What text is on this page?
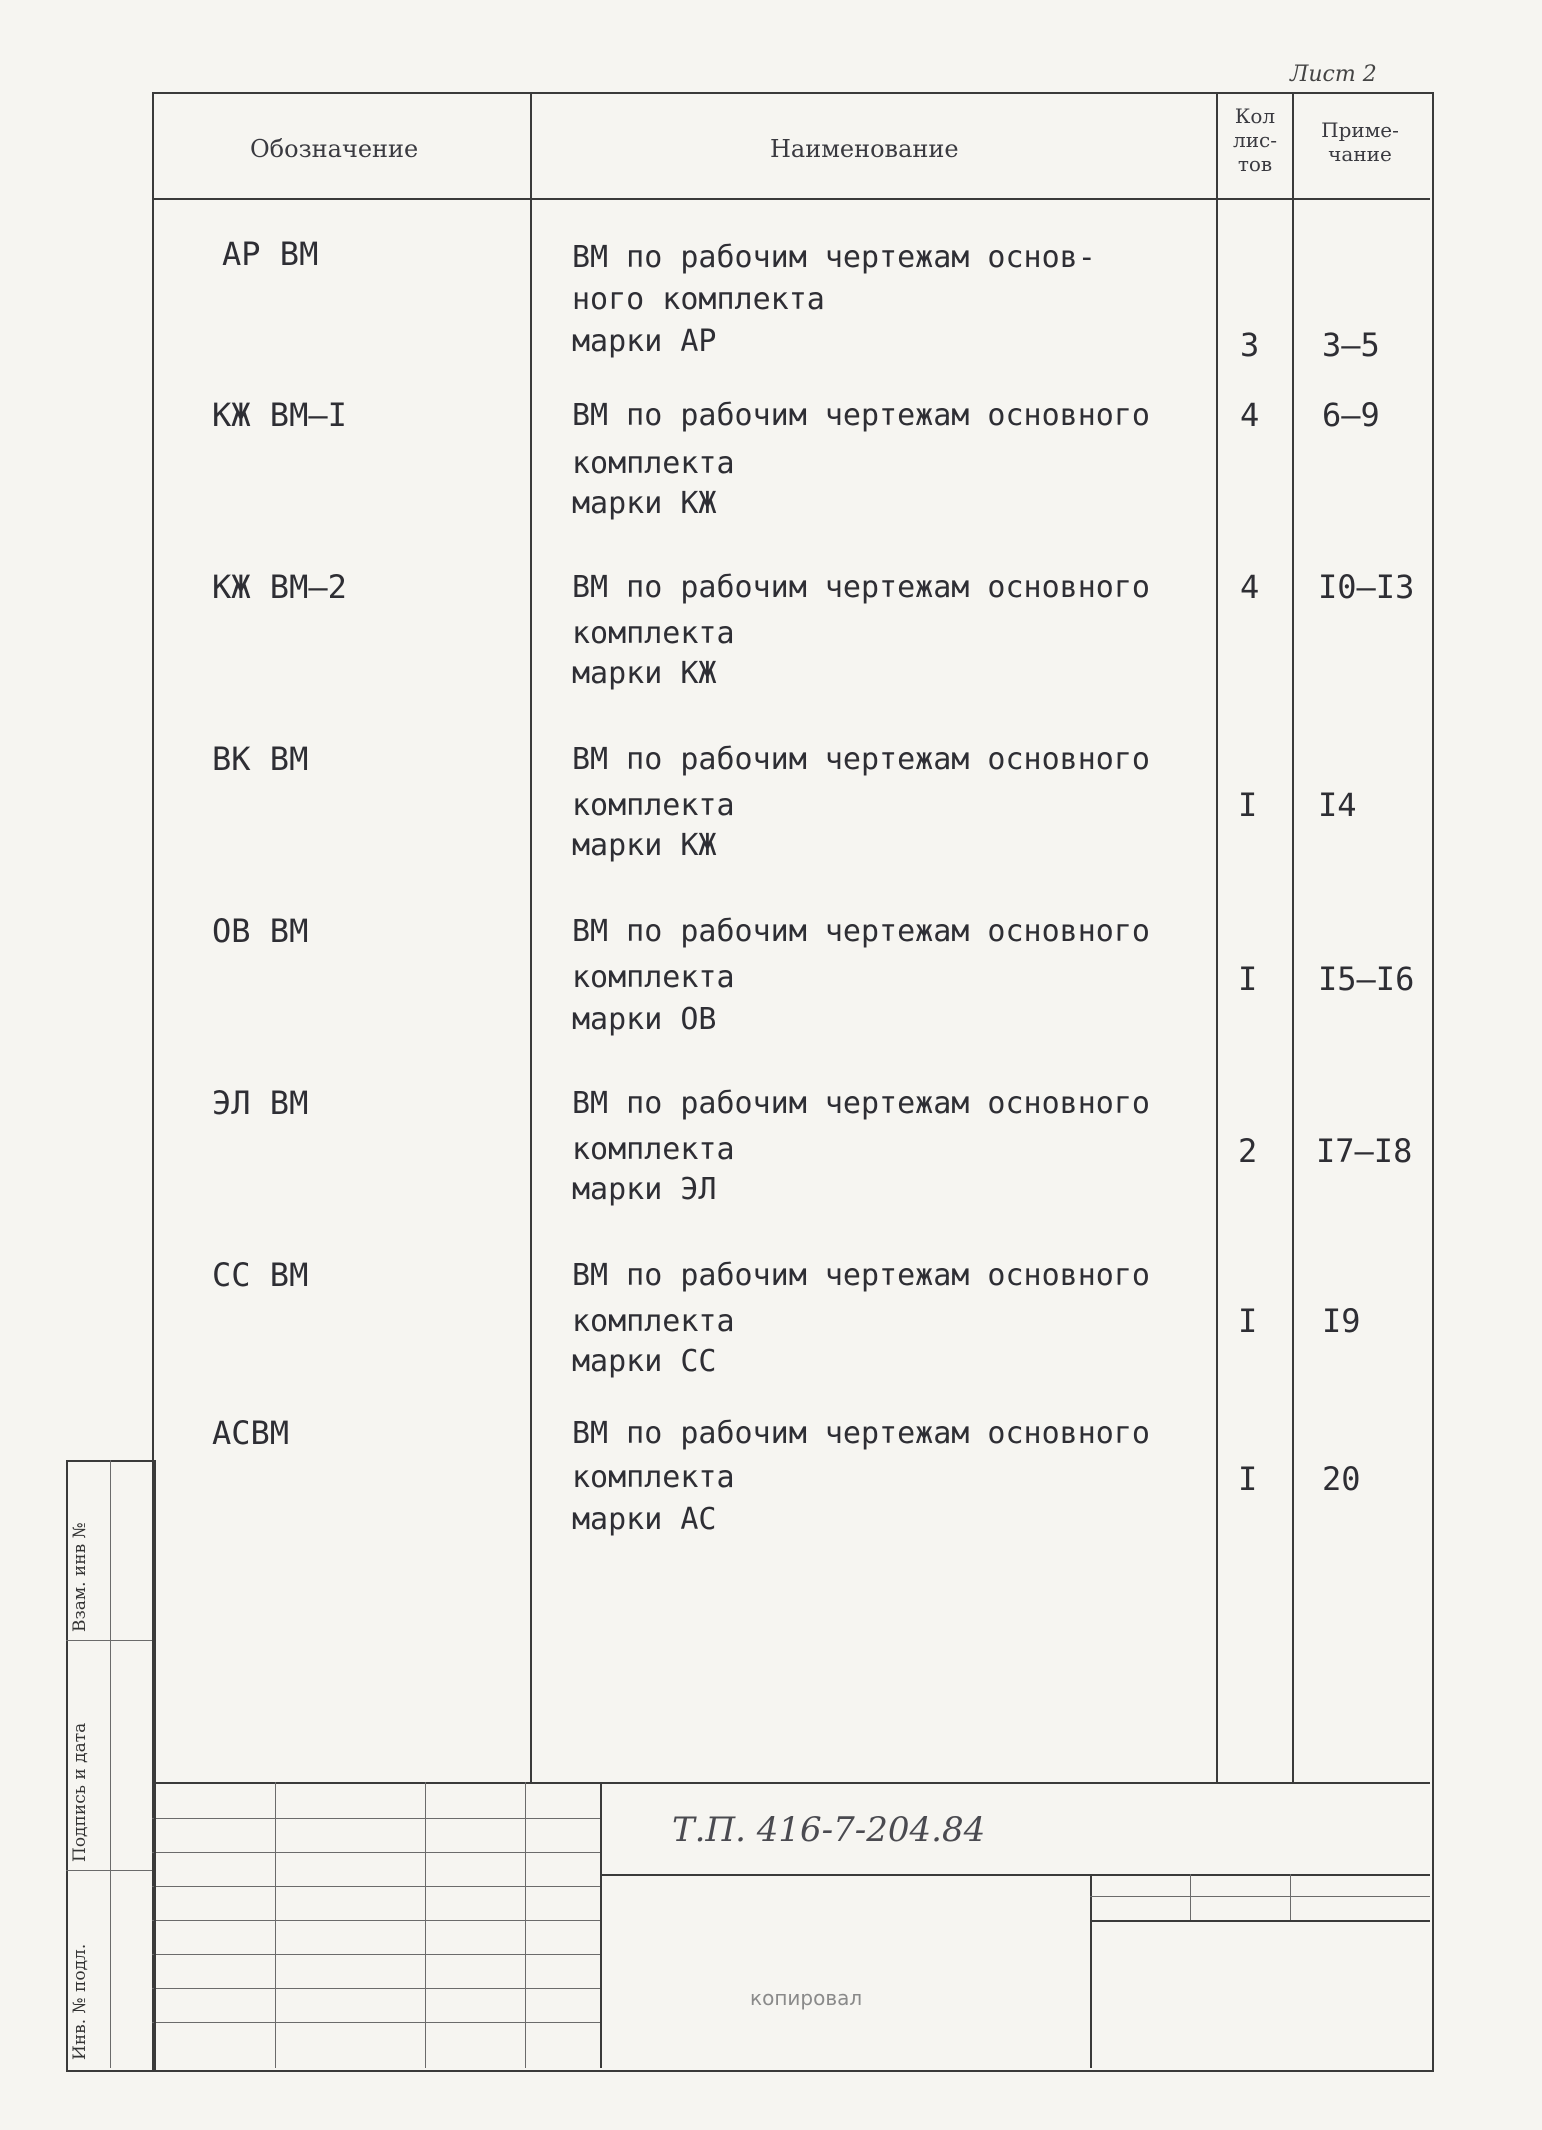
Лист 2
Обозначение	Наименование
Кол лис- тов
Приме- чание
АР ВМ	ВМ по рабочим чертежам основ-
ного комплекта
марки АР	3 3–5
КЖ ВМ–I	ВМ по рабочим чертежам основного
комплекта
марки КЖ
4 6–9
КЖ ВМ–2	ВМ по рабочим чертежам основного
комплекта
марки КЖ
4 I0–I3
ВК ВМ	ВМ по рабочим чертежам основного
комплекта
марки КЖ
I I4
ОВ ВМ	ВМ по рабочим чертежам основного
комплекта
марки ОВ
I I5–I6
ЭЛ ВМ	ВМ по рабочим чертежам основного
комплекта
марки ЭЛ
2 I7–I8
СС ВМ	ВМ по рабочим чертежам основного
комплекта
марки СС
I I9
АСВМ	ВМ по рабочим чертежам основного
комплекта
марки АС
I 20
Т.П. 416-7-204.84
копировал
Взам. инв №
Подпись и дата
Инв. № подл.
